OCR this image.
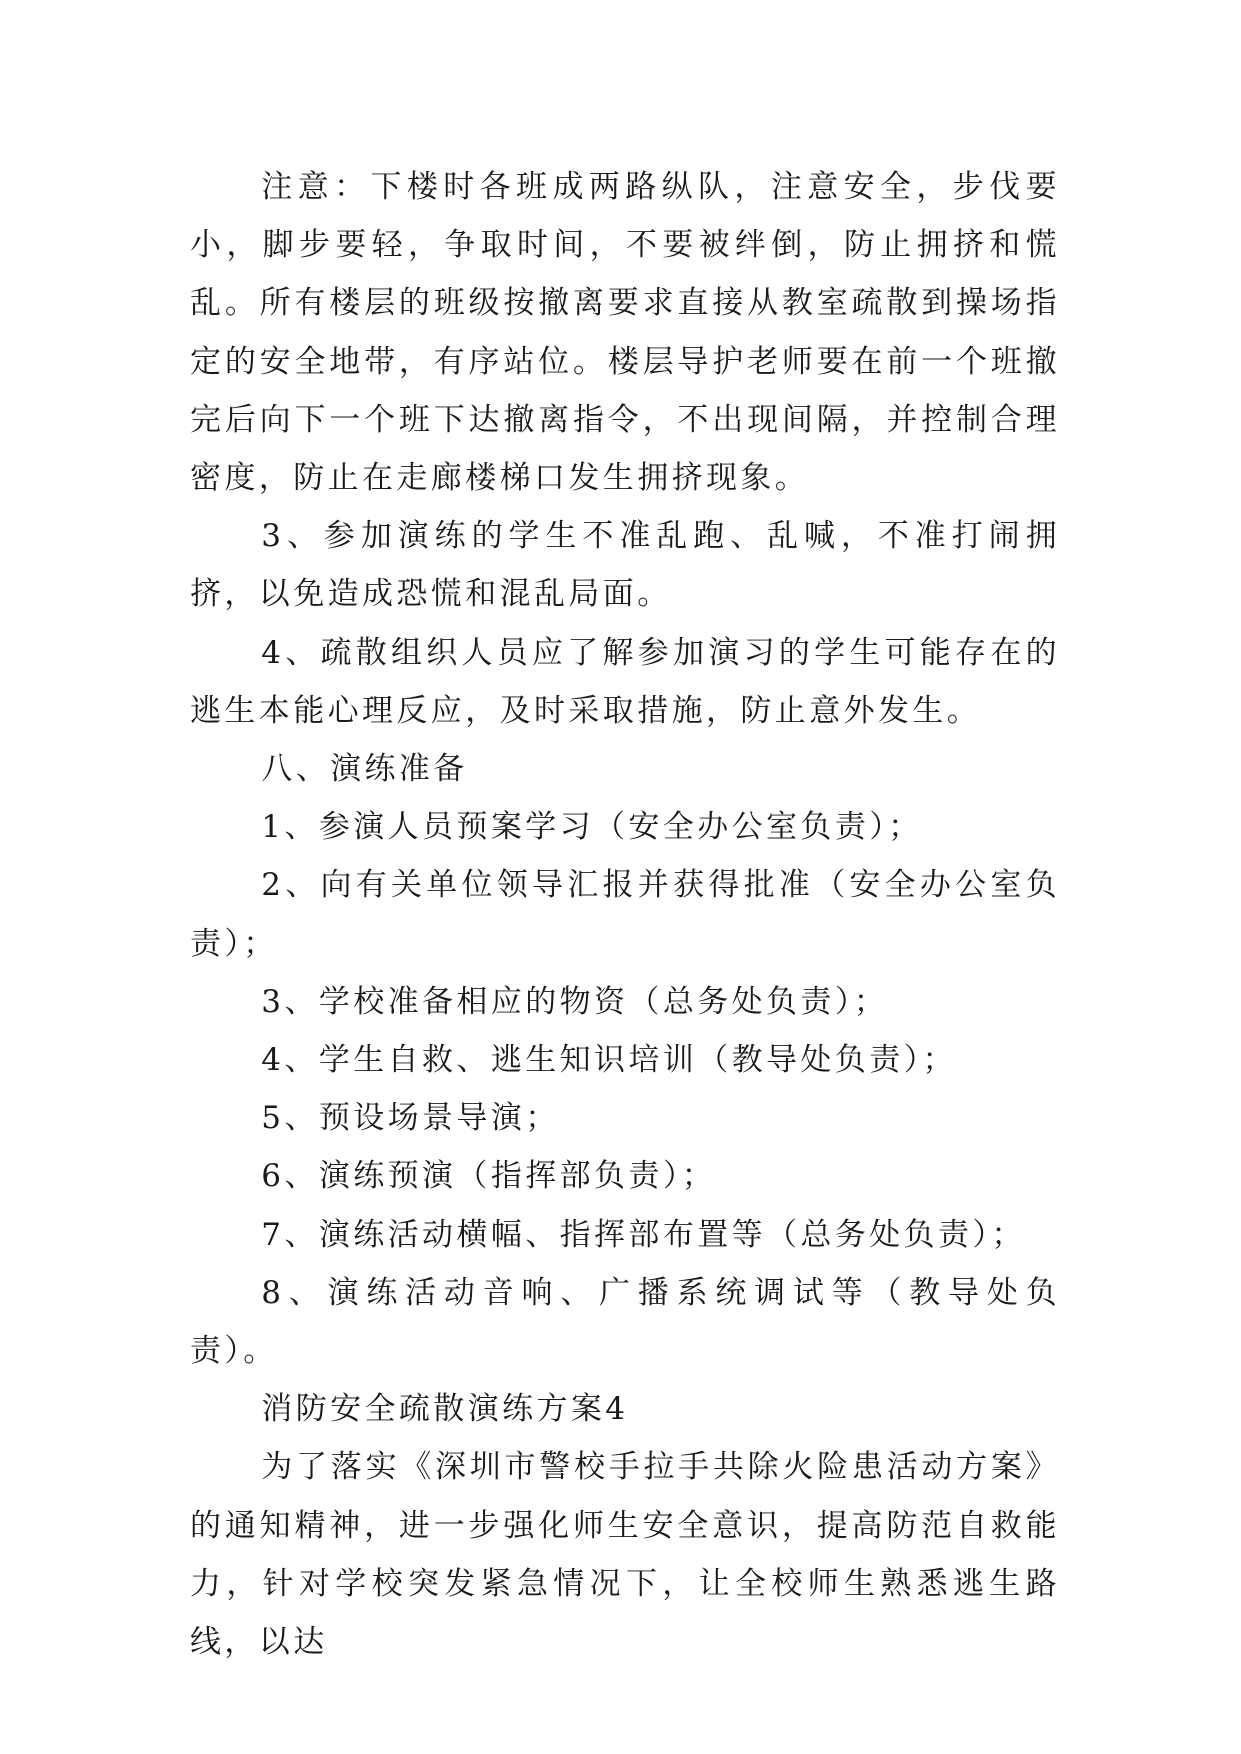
注意：下楼时各班成两路纵队，注意安全，步伐要小，脚步要轻，争取时间，不要被绊倒，防止拥挤和慌乱。所有楼层的班级按撤离要求直接从教室疏散到操场指定的安全地带，有序站位。楼层导护老师要在前一个班撤完后向下一个班下达撤离指令，不出现间隔，并控制合理密度，防止在走廊楼梯口发生拥挤现象。

3、参加演练的学生不准乱跑、乱喊，不准打闹拥挤，以免造成恐慌和混乱局面。

4、疏散组织人员应了解参加演习的学生可能存在的逃生本能心理反应，及时采取措施，防止意外发生。

八、演练准备

1、参演人员预案学习（安全办公室负责）；

2、向有关单位领导汇报并获得批准（安全办公室负责）；

3、学校准备相应的物资（总务处负责）；

4、学生自救、逃生知识培训（教导处负责）；

5、预设场景导演；

6、演练预演（指挥部负责）；

7、演练活动横幅、指挥部布置等（总务处负责）；

8、演练活动音响、广播系统调试等（教导处负责）。

消防安全疏散演练方案4

为了落实《深圳市警校手拉手共除火险患活动方案》的通知精神，进一步强化师生安全意识，提高防范自救能力，针对学校突发紧急情况下，让全校师生熟悉逃生路线，以达
